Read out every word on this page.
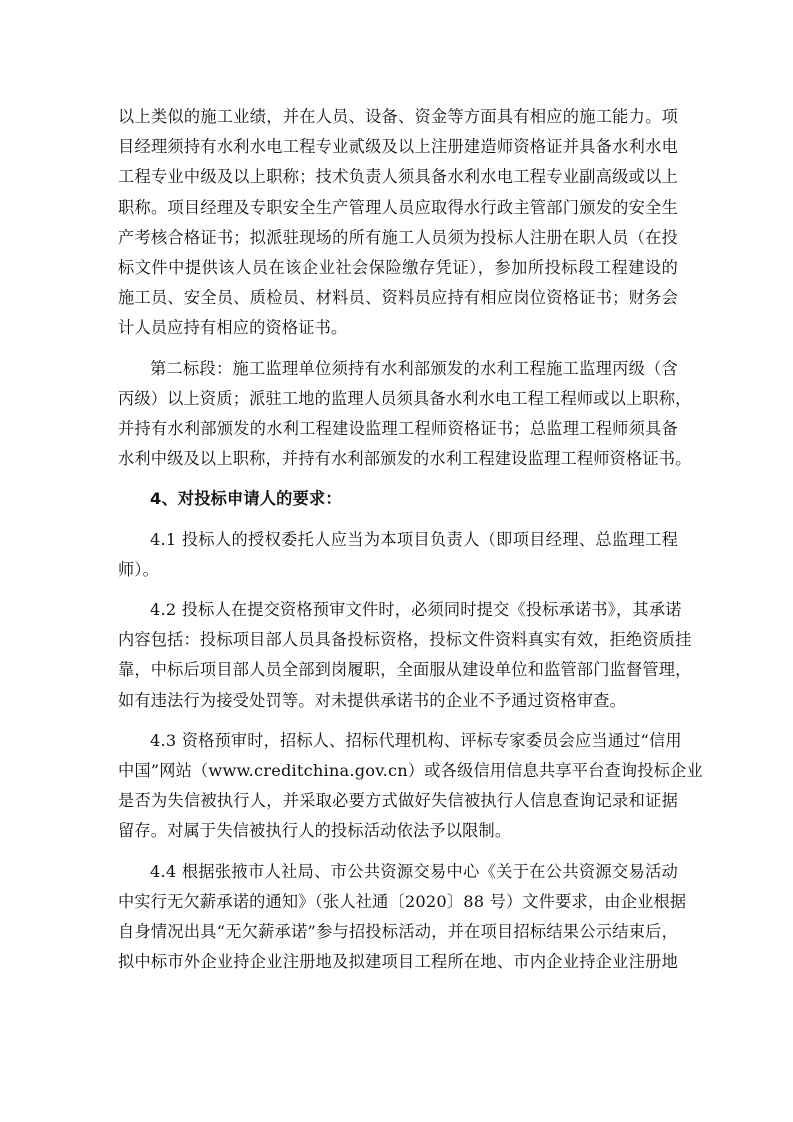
以上类似的施工业绩，并在人员、设备、资金等方面具有相应的施工能力。项
目经理须持有水利水电工程专业贰级及以上注册建造师资格证并具备水利水电
工程专业中级及以上职称；技术负责人须具备水利水电工程专业副高级或以上
职称。项目经理及专职安全生产管理人员应取得水行政主管部门颁发的安全生
产考核合格证书；拟派驻现场的所有施工人员须为投标人注册在职人员（在投
标文件中提供该人员在该企业社会保险缴存凭证），参加所投标段工程建设的
施工员、安全员、质检员、材料员、资料员应持有相应岗位资格证书；财务会
计人员应持有相应的资格证书。

第二标段：施工监理单位须持有水利部颁发的水利工程施工监理丙级（含
丙级）以上资质；派驻工地的监理人员须具备水利水电工程工程师或以上职称，
并持有水利部颁发的水利工程建设监理工程师资格证书；总监理工程师须具备
水利中级及以上职称，并持有水利部颁发的水利工程建设监理工程师资格证书。

4、对投标申请人的要求：

4.1 投标人的授权委托人应当为本项目负责人（即项目经理、总监理工程
师）。

4.2 投标人在提交资格预审文件时，必须同时提交《投标承诺书》，其承诺
内容包括：投标项目部人员具备投标资格，投标文件资料真实有效，拒绝资质挂
靠，中标后项目部人员全部到岗履职，全面服从建设单位和监管部门监督管理，
如有违法行为接受处罚等。对未提供承诺书的企业不予通过资格审查。

4.3 资格预审时，招标人、招标代理机构、评标专家委员会应当通过“信用
中国”网站（www.creditchina.gov.cn）或各级信用信息共享平台查询投标企业
是否为失信被执行人，并采取必要方式做好失信被执行人信息查询记录和证据
留存。对属于失信被执行人的投标活动依法予以限制。

4.4 根据张掖市人社局、市公共资源交易中心《关于在公共资源交易活动
中实行无欠薪承诺的通知》（张人社通〔2020〕88 号）文件要求，由企业根据
自身情况出具“无欠薪承诺”参与招投标活动，并在项目招标结果公示结束后，
拟中标市外企业持企业注册地及拟建项目工程所在地、市内企业持企业注册地
